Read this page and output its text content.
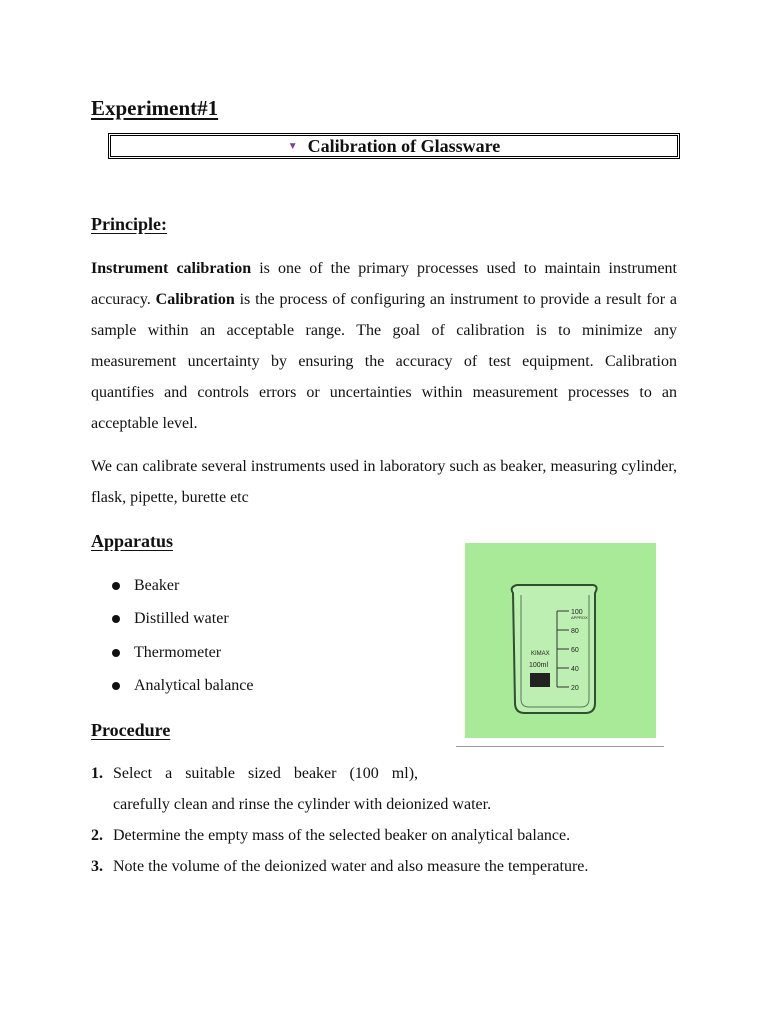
Experiment#1
▼ Calibration of Glassware
Principle:
Instrument calibration is one of the primary processes used to maintain instrument accuracy. Calibration is the process of configuring an instrument to provide a result for a sample within an acceptable range. The goal of calibration is to minimize any measurement uncertainty by ensuring the accuracy of test equipment. Calibration quantifies and controls errors or uncertainties within measurement processes to an acceptable level.
We can calibrate several instruments used in laboratory such as beaker, measuring cylinder, flask, pipette, burette etc
Apparatus
Beaker
Distilled water
Thermometer
Analytical balance
100
APPROX
80
60
40
20
KIMAX
100ml
Procedure
1. Select a suitable sized beaker (100 ml),
carefully clean and rinse the cylinder with deionized water.
2. Determine the empty mass of the selected beaker on analytical balance.
3. Note the volume of the deionized water and also measure the temperature.
